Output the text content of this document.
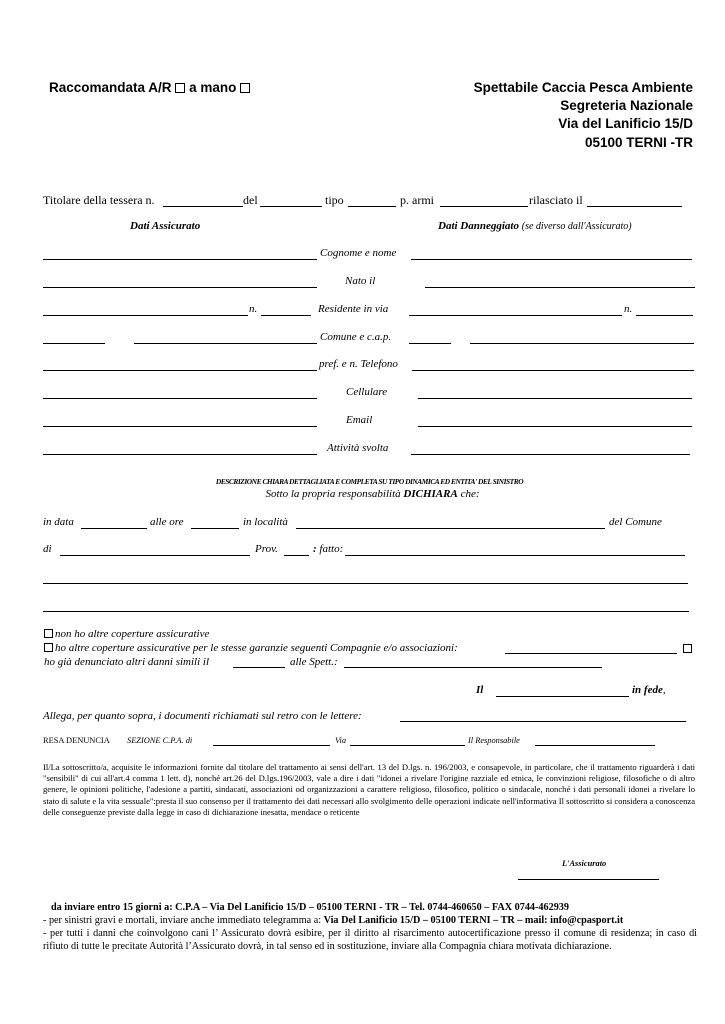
Raccomandata A/R a mano	Spettabile Caccia Pesca Ambiente
Segreteria Nazionale
Via del Lanificio 15/D
05100 TERNI -TR
Titolare della tessera n.	del	tipo	p. armi	rilasciato il
Dati Assicurato	Dati Danneggiato (se diverso dall'Assicurato)
Cognome e nome
Nato il
n.	Residente in via	n.
Comune e c.a.p.
pref. e n. Telefono
Cellulare
Email
Attività svolta
DESCRIZIONE CHIARA DETTAGLIATA E COMPLETA SU TIPO DINAMICA ED ENTITA' DEL SINISTRO
Sotto la propria responsabilità DICHIARA che:
in data	alle ore	in località	del Comune
di	Prov.	: fatto:
non ho altre coperture assicurative
ho altre coperture assicurative per le stesse garanzie seguenti Compagnie e/o associazioni:
ho già denunciato altri danni simili il	alle Spett.:
Il	in fede,
Allega, per quanto sopra, i documenti richiamati sul retro con le lettere:
RESA DENUNCIA SEZIONE C.P.A. di	Via	Il Responsabile
Il/La sottoscritto/a, acquisite le informazioni fornite dal titolare del trattamento ai sensi dell'art. 13 del D.lgs. n. 196/2003, e consapevole, in particolare, che il trattamento riguarderà i dati "sensibili" di cui all'art.4 comma 1 lett. d), nonché art.26 del D.lgs.196/2003, vale a dire i dati "idonei a rivelare l'origine razziale ed etnica, le convinzioni religiose, filosofiche o di altro genere, le opinioni politiche, l'adesione a partiti, sindacati, associazioni od organizzazioni a carattere religioso, filosofico, politico o sindacale, nonché i dati personali idonei a rivelare lo stato di salute e la vita sessuale":presta il suo consenso per il trattamento dei dati necessari allo svolgimento delle operazioni indicate nell'informativa Il sottoscritto si considera a conoscenza delle conseguenze previste dalla legge in caso di dichiarazione inesatta, mendace o reticente
L'Assicurato
da inviare entro 15 giorni a: C.P.A – Via Del Lanificio 15/D – 05100 TERNI - TR – Tel. 0744-460650 – FAX 0744-462939
- per sinistri gravi e mortali, inviare anche immediato telegramma a: Via Del Lanificio 15/D – 05100 TERNI – TR – mail: info@cpasport.it
- per tutti i danni che coinvolgono cani l’ Assicurato dovrà esibire, per il diritto al risarcimento autocertificazione presso il comune di residenza; in caso di rifiuto di tutte le precitate Autorità l’Assicurato dovrà, in tal senso ed in sostituzione, inviare alla Compagnia chiara motivata dichiarazione.
